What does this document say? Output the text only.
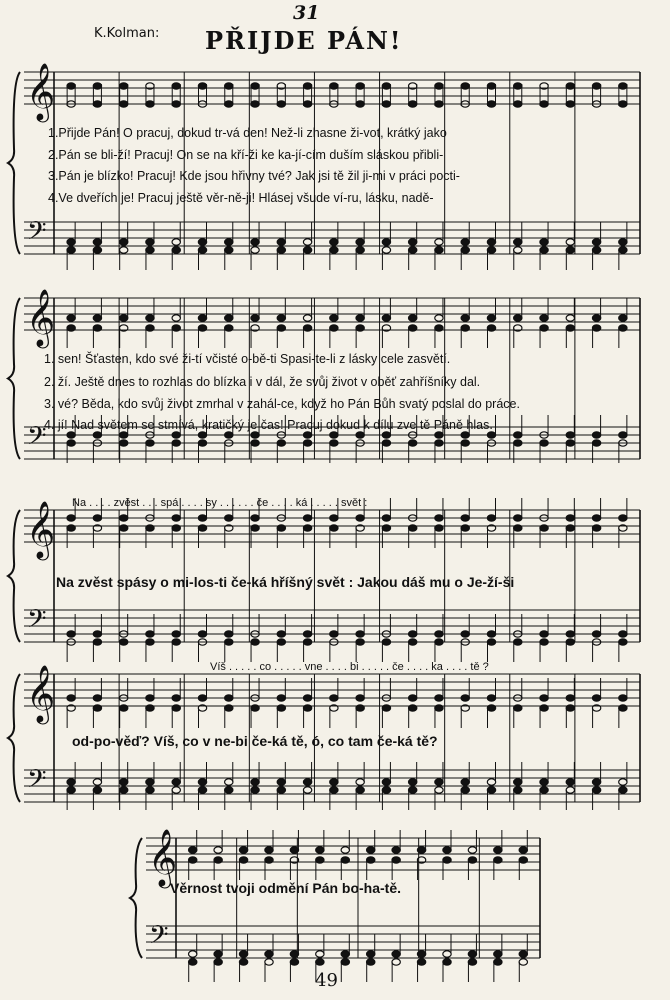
31
K.Kolman: PŘIJDE PÁN!
𝄞
𝄢
𝄞
𝄢
𝄞
𝄢
𝄞
𝄢
𝄞
𝄢
1.Přijde Pán! O pracuj, dokud tr-vá den! Než-li zhasne ži-vot, krátký jako
2.Pán se bli-ží! Pracuj! On se na kří-ži ke ka-jí-cím duším sláskou přibli-
3.Pán je blízko! Pracuj! Kde jsou hřivny tvé? Jak jsi tě žil ji-mi v práci pocti-
4.Ve dveřích je! Pracuj ještě věr-ně-ji! Hlásej všude ví-ru, lásku, nadě-
1. sen! Šťasten, kdo své ži-tí včisté o-bě-ti Spasi-te-li z lásky cele zasvětí.
2. ží. Ještě dnes to rozhlas do blízka i v dál, že svůj život v oběť zahříšníky dal.
3. vé? Běda, kdo svůj život zmrhal v zahál-ce, když ho Pán Bůh svatý poslal do práce.
4. jí! Nad světem se stmívá, kratičký je čas! Pracuj dokud k dílu zve tě Páně hlas.
Na . . . . zvěst . . . spá . . . . sy . . . . . . če . . . . ká . . . . . svět :
Na zvěst spásy o mi-los-ti če-ká hříšný svět : Jakou dáš mu o Je-ží-ši
Víš . . . . . co . . . . . vne . . . . bi . . . . . če . . . . ka . . . . tě ?
od-po-věď? Víš, co v ne-bi če-ká tě, ó, co tam če-ká tě?
Věrnost tvoji odmění Pán bo-ha-tě.
49
